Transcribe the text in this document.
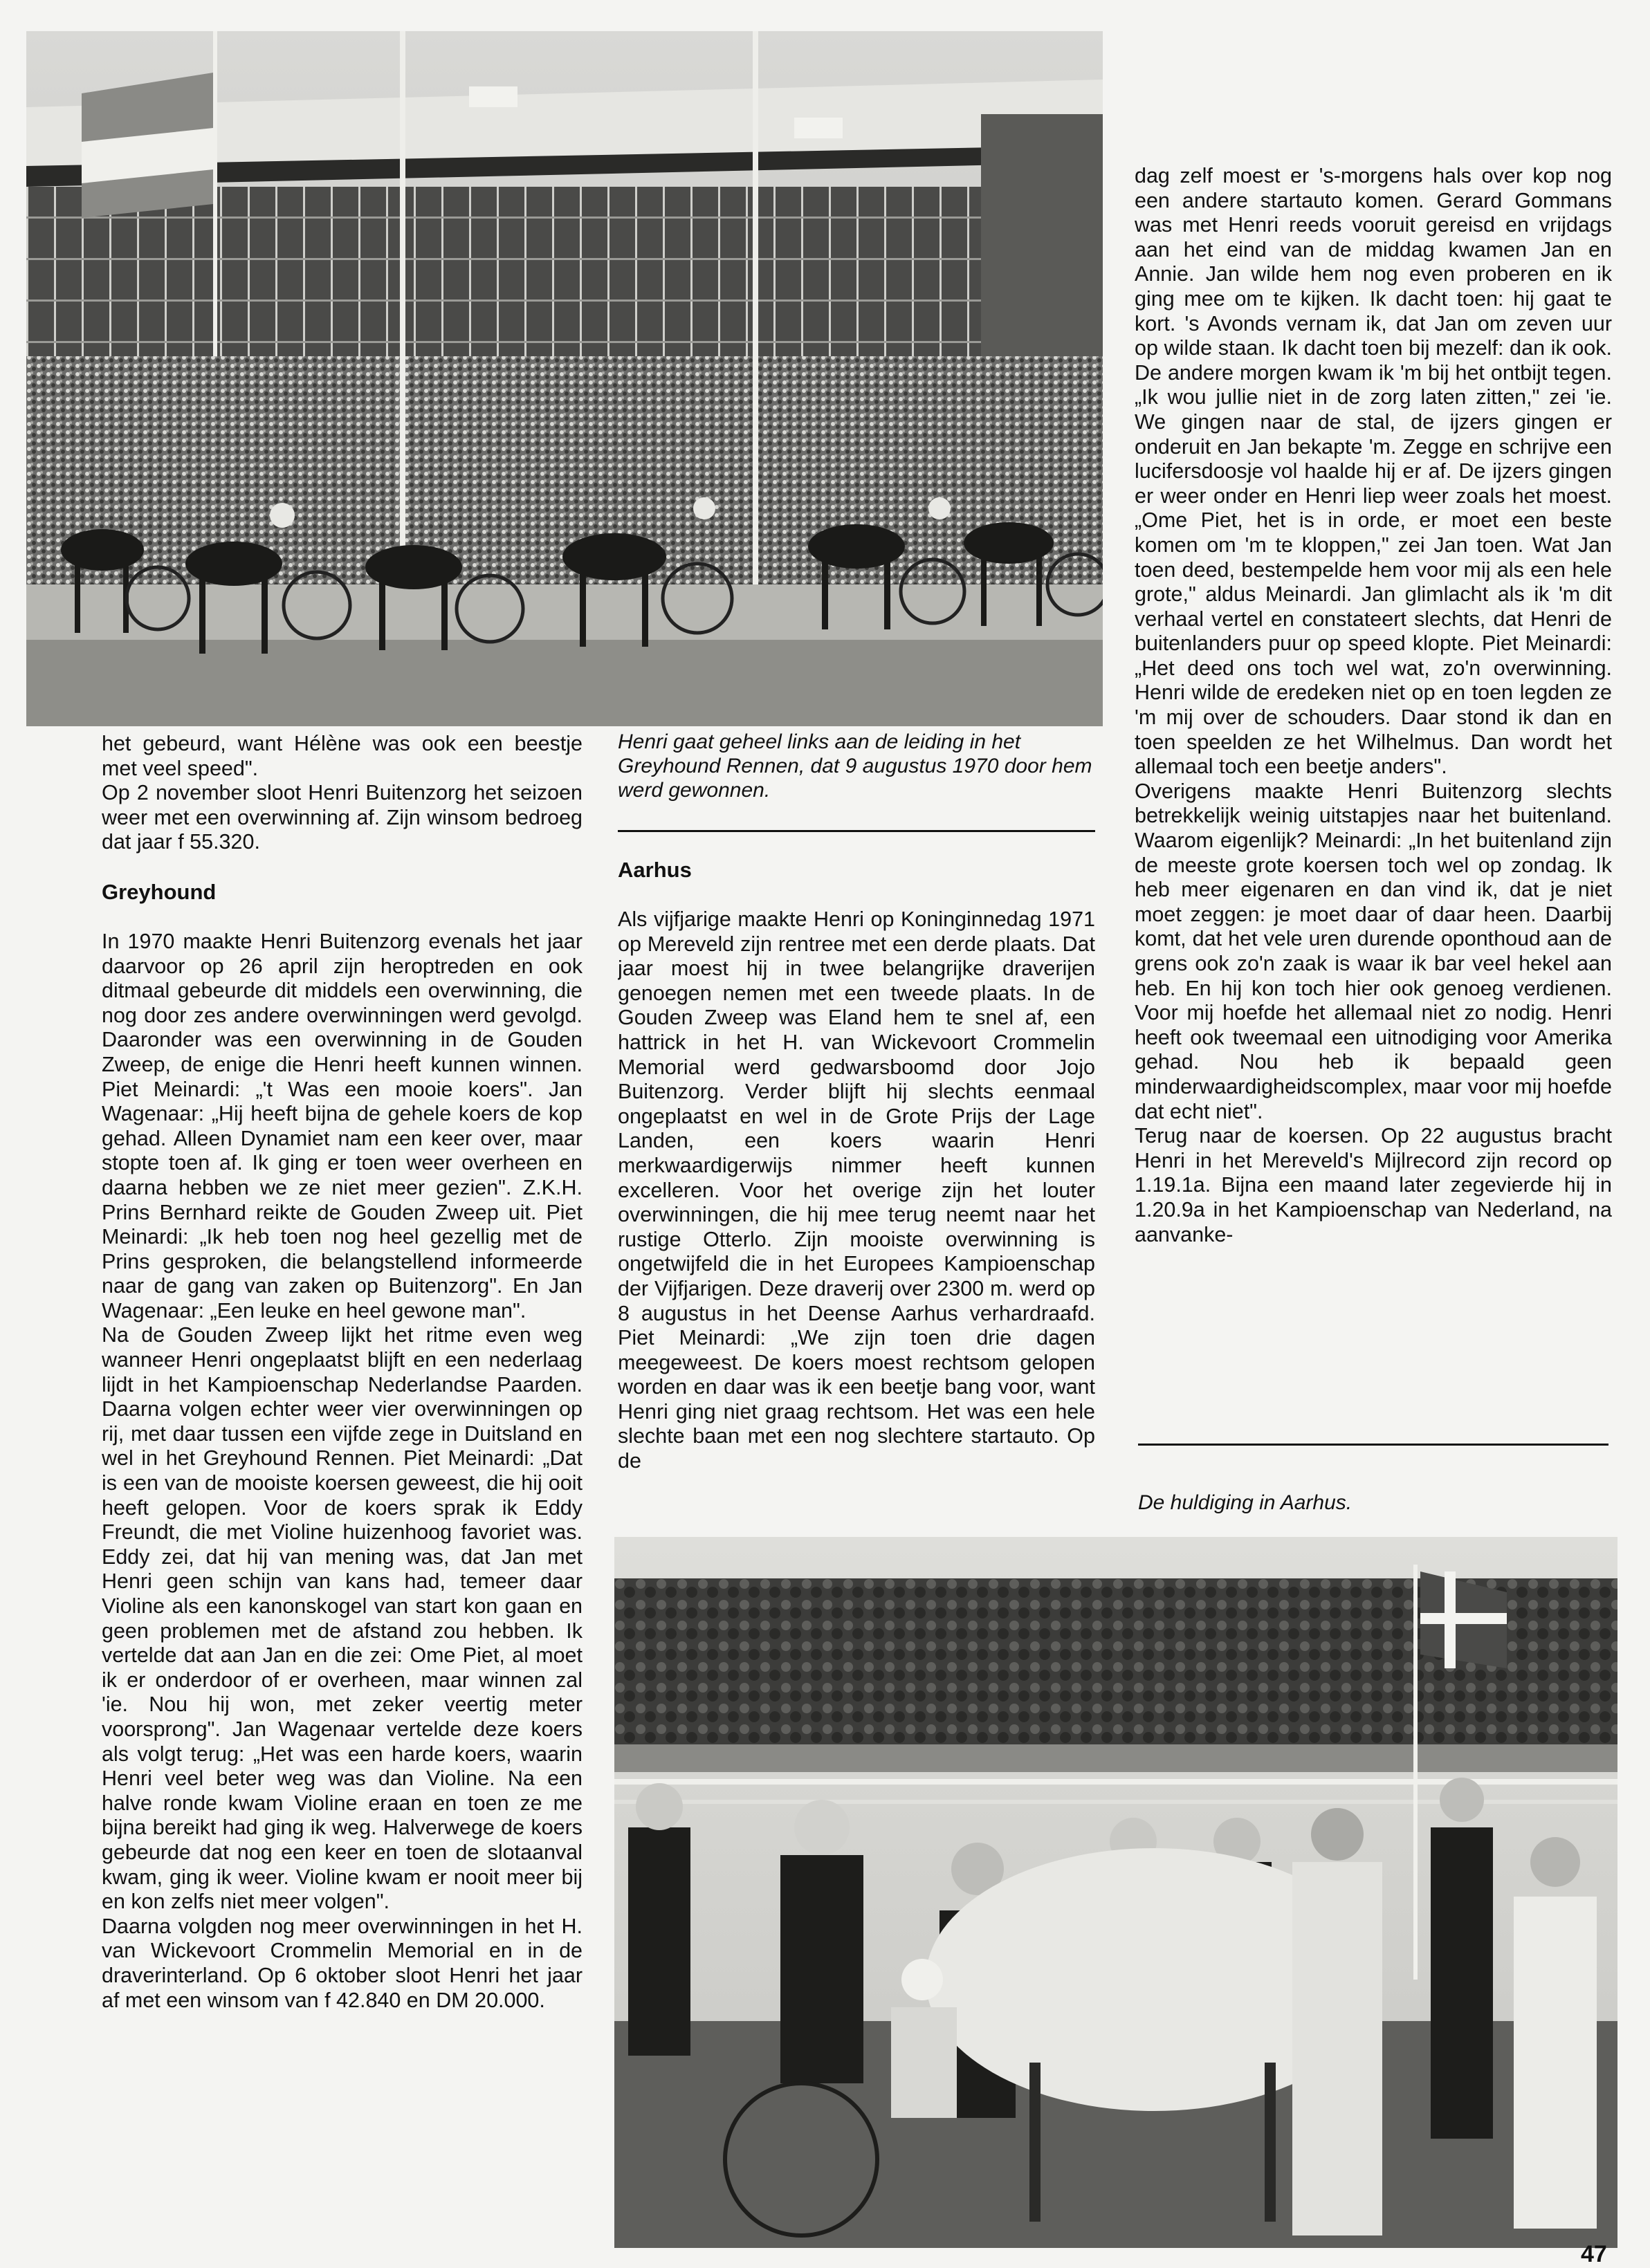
Henri gaat geheel links aan de leiding in het Greyhound Rennen, dat 9 augustus 1970 door hem werd gewonnen.

het gebeurd, want Hélène was ook een beestje met veel speed".

Op 2 november sloot Henri Buitenzorg het seizoen weer met een overwinning af. Zijn winsom bedroeg dat jaar f 55.320.

Greyhound

In 1970 maakte Henri Buitenzorg evenals het jaar daarvoor op 26 april zijn heroptreden en ook ditmaal gebeurde dit middels een overwinning, die nog door zes andere overwinningen werd gevolgd. Daaronder was een overwinning in de Gouden Zweep, de enige die Henri heeft kunnen winnen. Piet Meinardi: „'t Was een mooie koers". Jan Wagenaar: „Hij heeft bijna de gehele koers de kop gehad. Alleen Dynamiet nam een keer over, maar stopte toen af. Ik ging er toen weer overheen en daarna hebben we ze niet meer gezien". Z.K.H. Prins Bernhard reikte de Gouden Zweep uit. Piet Meinardi: „Ik heb toen nog heel gezellig met de Prins gesproken, die belangstellend informeerde naar de gang van zaken op Buitenzorg". En Jan Wagenaar: „Een leuke en heel gewone man".

Na de Gouden Zweep lijkt het ritme even weg wanneer Henri ongeplaatst blijft en een nederlaag lijdt in het Kampioenschap Nederlandse Paarden. Daarna volgen echter weer vier overwinningen op rij, met daar tussen een vijfde zege in Duitsland en wel in het Greyhound Rennen. Piet Meinardi: „Dat is een van de mooiste koersen geweest, die hij ooit heeft gelopen. Voor de koers sprak ik Eddy Freundt, die met Violine huizenhoog favoriet was. Eddy zei, dat hij van mening was, dat Jan met Henri geen schijn van kans had, temeer daar Violine als een kanonskogel van start kon gaan en geen problemen met de afstand zou hebben. Ik vertelde dat aan Jan en die zei: Ome Piet, al moet ik er onderdoor of er overheen, maar winnen zal 'ie. Nou hij won, met zeker veertig meter voorsprong". Jan Wagenaar vertelde deze koers als volgt terug: „Het was een harde koers, waarin Henri veel beter weg was dan Violine. Na een halve ronde kwam Violine eraan en toen ze me bijna bereikt had ging ik weg. Halverwege de koers gebeurde dat nog een keer en toen de slotaanval kwam, ging ik weer. Violine kwam er nooit meer bij en kon zelfs niet meer volgen".

Daarna volgden nog meer overwinningen in het H. van Wickevoort Crommelin Memorial en in de draverinterland. Op 6 oktober sloot Henri het jaar af met een winsom van f 42.840 en DM 20.000.

Aarhus

Als vijfjarige maakte Henri op Koninginnedag 1971 op Mereveld zijn rentree met een derde plaats. Dat jaar moest hij in twee belangrijke draverijen genoegen nemen met een tweede plaats. In de Gouden Zweep was Eland hem te snel af, een hattrick in het H. van Wickevoort Crommelin Memorial werd gedwarsboomd door Jojo Buitenzorg. Verder blijft hij slechts eenmaal ongeplaatst en wel in de Grote Prijs der Lage Landen, een koers waarin Henri merkwaardigerwijs nimmer heeft kunnen excelleren. Voor het overige zijn het louter overwinningen, die hij mee terug neemt naar het rustige Otterlo. Zijn mooiste overwinning is ongetwijfeld die in het Europees Kampioenschap der Vijfjarigen. Deze draverij over 2300 m. werd op 8 augustus in het Deense Aarhus verhardraafd. Piet Meinardi: „We zijn toen drie dagen meegeweest. De koers moest rechtsom gelopen worden en daar was ik een beetje bang voor, want Henri ging niet graag rechtsom. Het was een hele slechte baan met een nog slechtere startauto. Op de

dag zelf moest er 's-morgens hals over kop nog een andere startauto komen. Gerard Gommans was met Henri reeds vooruit gereisd en vrijdags aan het eind van de middag kwamen Jan en Annie. Jan wilde hem nog even proberen en ik ging mee om te kijken. Ik dacht toen: hij gaat te kort. 's Avonds vernam ik, dat Jan om zeven uur op wilde staan. Ik dacht toen bij mezelf: dan ik ook. De andere morgen kwam ik 'm bij het ontbijt tegen. „Ik wou jullie niet in de zorg laten zitten," zei 'ie. We gingen naar de stal, de ijzers gingen er onderuit en Jan bekapte 'm. Zegge en schrijve een lucifersdoosje vol haalde hij er af. De ijzers gingen er weer onder en Henri liep weer zoals het moest. „Ome Piet, het is in orde, er moet een beste komen om 'm te kloppen," zei Jan toen. Wat Jan toen deed, bestempelde hem voor mij als een hele grote," aldus Meinardi. Jan glimlacht als ik 'm dit verhaal vertel en constateert slechts, dat Henri de buitenlanders puur op speed klopte. Piet Meinardi: „Het deed ons toch wel wat, zo'n overwinning. Henri wilde de eredeken niet op en toen legden ze 'm mij over de schouders. Daar stond ik dan en toen speelden ze het Wilhelmus. Dan wordt het allemaal toch een beetje anders".

Overigens maakte Henri Buitenzorg slechts betrekkelijk weinig uitstapjes naar het buitenland. Waarom eigenlijk? Meinardi: „In het buitenland zijn de meeste grote koersen toch wel op zondag. Ik heb meer eigenaren en dan vind ik, dat je niet moet zeggen: je moet daar of daar heen. Daarbij komt, dat het vele uren durende oponthoud aan de grens ook zo'n zaak is waar ik bar veel hekel aan heb. En hij kon toch hier ook genoeg verdienen. Voor mij hoefde het allemaal niet zo nodig. Henri heeft ook tweemaal een uitnodiging voor Amerika gehad. Nou heb ik bepaald geen minderwaardigheidscomplex, maar voor mij hoefde dat echt niet".

Terug naar de koersen. Op 22 augustus bracht Henri in het Mereveld's Mijlrecord zijn record op 1.19.1a. Bijna een maand later zegevierde hij in 1.20.9a in het Kampioenschap van Nederland, na aanvanke-

De huldiging in Aarhus.
47
